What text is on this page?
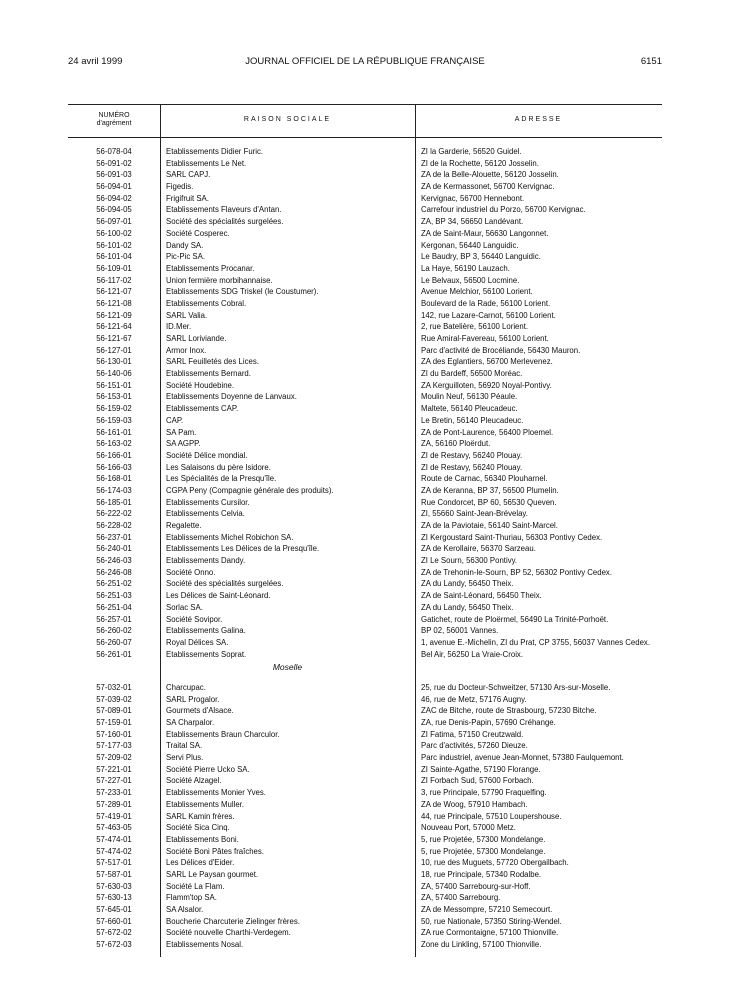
24 avril 1999	JOURNAL OFFICIEL DE LA RÉPUBLIQUE FRANÇAISE	6151
NUMÉRO
d'agrément
RAISON SOCIALE	ADRESSE
56-078-04	Etablissements Didier Furic.	ZI la Garderie, 56520 Guidel.
56-091-02	Etablissements Le Net.	ZI de la Rochette, 56120 Josselin.
56-091-03	SARL CAPJ.	ZA de la Belle-Alouette, 56120 Josselin.
56-094-01	Figedis.	ZA de Kermassonet, 56700 Kervignac.
56-094-02	Frigifruit SA.	Kervignac, 56700 Hennebont.
56-094-05	Etablissements Flaveurs d'Antan.	Carrefour industriel du Porzo, 56700 Kervignac.
56-097-01	Société des spécialités surgelées.	ZA, BP 34, 56650 Landévant.
56-100-02	Société Cosperec.	ZA de Saint-Maur, 56630 Langonnet.
56-101-02	Dandy SA.	Kergonan, 56440 Languidic.
56-101-04	Pic-Pic SA.	Le Baudry, BP 3, 56440 Languidic.
56-109-01	Etablissements Procanar.	La Haye, 56190 Lauzach.
56-117-02	Union fermière morbihannaise.	Le Belvaux, 56500 Locmine.
56-121-07	Etablissements SDG Triskel (le Coustumer).	Avenue Melchior, 56100 Lorient.
56-121-08	Etablissements Cobral.	Boulevard de la Rade, 56100 Lorient.
56-121-09	SARL Valia.	142, rue Lazare-Carnot, 56100 Lorient.
56-121-64	ID.Mer.	2, rue Batelière, 56100 Lorient.
56-121-67	SARL Loriviande.	Rue Amiral-Favereau, 56100 Lorient.
56-127-01	Armor Inox.	Parc d'activité de Brocéliande, 56430 Mauron.
56-130-01	SARL Feuilletés des Lices.	ZA des Eglantiers, 56700 Merlevenez.
56-140-06	Etablissements Bernard.	ZI du Bardeff, 56500 Moréac.
56-151-01	Société Houdebine.	ZA Kerguilloten, 56920 Noyal-Pontivy.
56-153-01	Etablissements Doyenne de Lanvaux.	Moulin Neuf, 56130 Péaule.
56-159-02	Etablissements CAP.	Maltete, 56140 Pleucadeuc.
56-159-03	CAP.	Le Bretin, 56140 Pleucadeuc.
56-161-01	SA Pam.	ZA de Pont-Laurence, 56400 Ploemel.
56-163-02	SA AGPP.	ZA, 56160 Ploërdut.
56-166-01	Société Délice mondial.	ZI de Restavy, 56240 Plouay.
56-166-03	Les Salaisons du père Isidore.	ZI de Restavy, 56240 Plouay.
56-168-01	Les Spécialités de la Presqu'île.	Route de Carnac, 56340 Plouharnel.
56-174-03	CGPA Peny (Compagnie générale des produits).	ZA de Keranna, BP 37, 56500 Plumelin.
56-185-01	Etablissements Cursilor.	Rue Condorcet, BP 60, 56530 Queven.
56-222-02	Etablissements Celvia.	ZI, 55660 Saint-Jean-Brévelay.
56-228-02	Regalette.	ZA de la Paviotaie, 56140 Saint-Marcel.
56-237-01	Etablissements Michel Robichon SA.	ZI Kergoustard Saint-Thuriau, 56303 Pontivy Cedex.
56-240-01	Etablissements Les Délices de la Presqu'île.	ZA de Kerollaire, 56370 Sarzeau.
56-246-03	Etablissements Dandy.	ZI Le Sourn, 56300 Pontivy.
56-246-08	Société Onno.	ZA de Trehonin-le-Sourn, BP 52, 56302 Pontivy Cedex.
56-251-02	Société des spécialités surgelées.	ZA du Landy, 56450 Theix.
56-251-03	Les Délices de Saint-Léonard.	ZA de Saint-Léonard, 56450 Theix.
56-251-04	Sorlac SA.	ZA du Landy, 56450 Theix.
56-257-01	Société Sovipor.	Gatichet, route de Ploërmel, 56490 La Trinité-Porhoët.
56-260-02	Etablissements Galina.	BP 02, 56001 Vannes.
56-260-07	Royal Délices SA.	1, avenue E.-Michelin, ZI du Prat, CP 3755, 56037 Vannes Cedex.
56-261-01	Etablissements Soprat.	Bel Air, 56250 La Vraie-Croix.
Moselle
57-032-01	Charcupac.	25, rue du Docteur-Schweitzer, 57130 Ars-sur-Moselle.
57-039-02	SARL Progalor.	46, rue de Metz, 57176 Augny.
57-089-01	Gourmets d'Alsace.	ZAC de Bitche, route de Strasbourg, 57230 Bitche.
57-159-01	SA Charpalor.	ZA, rue Denis-Papin, 57690 Créhange.
57-160-01	Etablissements Braun Charculor.	ZI Fatima, 57150 Creutzwald.
57-177-03	Traital SA.	Parc d'activités, 57260 Dieuze.
57-209-02	Servi Plus.	Parc industriel, avenue Jean-Monnet, 57380 Faulquemont.
57-221-01	Société Pierre Ucko SA.	ZI Sainte-Agathe, 57190 Florange.
57-227-01	Société Alzagel.	ZI Forbach Sud, 57600 Forbach.
57-233-01	Etablissements Monier Yves.	3, rue Principale, 57790 Fraquelfing.
57-289-01	Etablissements Muller.	ZA de Woog, 57910 Hambach.
57-419-01	SARL Kamin frères.	44, rue Principale, 57510 Loupershouse.
57-463-05	Société Sica Cinq.	Nouveau Port, 57000 Metz.
57-474-01	Etablissements Boni.	5, rue Projetée, 57300 Mondelange.
57-474-02	Société Boni Pâtes fraîches.	5, rue Projetée, 57300 Mondelange.
57-517-01	Les Délices d'Eider.	10, rue des Muguets, 57720 Obergailbach.
57-587-01	SARL Le Paysan gourmet.	18, rue Principale, 57340 Rodalbe.
57-630-03	Société La Flam.	ZA, 57400 Sarrebourg-sur-Hoff.
57-630-13	Flamm'top SA.	ZA, 57400 Sarrebourg.
57-645-01	SA Alsalor.	ZA de Messompre, 57210 Semecourt.
57-660-01	Boucherie Charcuterie Zielinger frères.	50, rue Nationale, 57350 Stiring-Wendel.
57-672-02	Société nouvelle Charthi-Verdegem.	ZA rue Cormontaigne, 57100 Thionville.
57-672-03	Etablissements Nosal.	Zone du Linkling, 57100 Thionville.
